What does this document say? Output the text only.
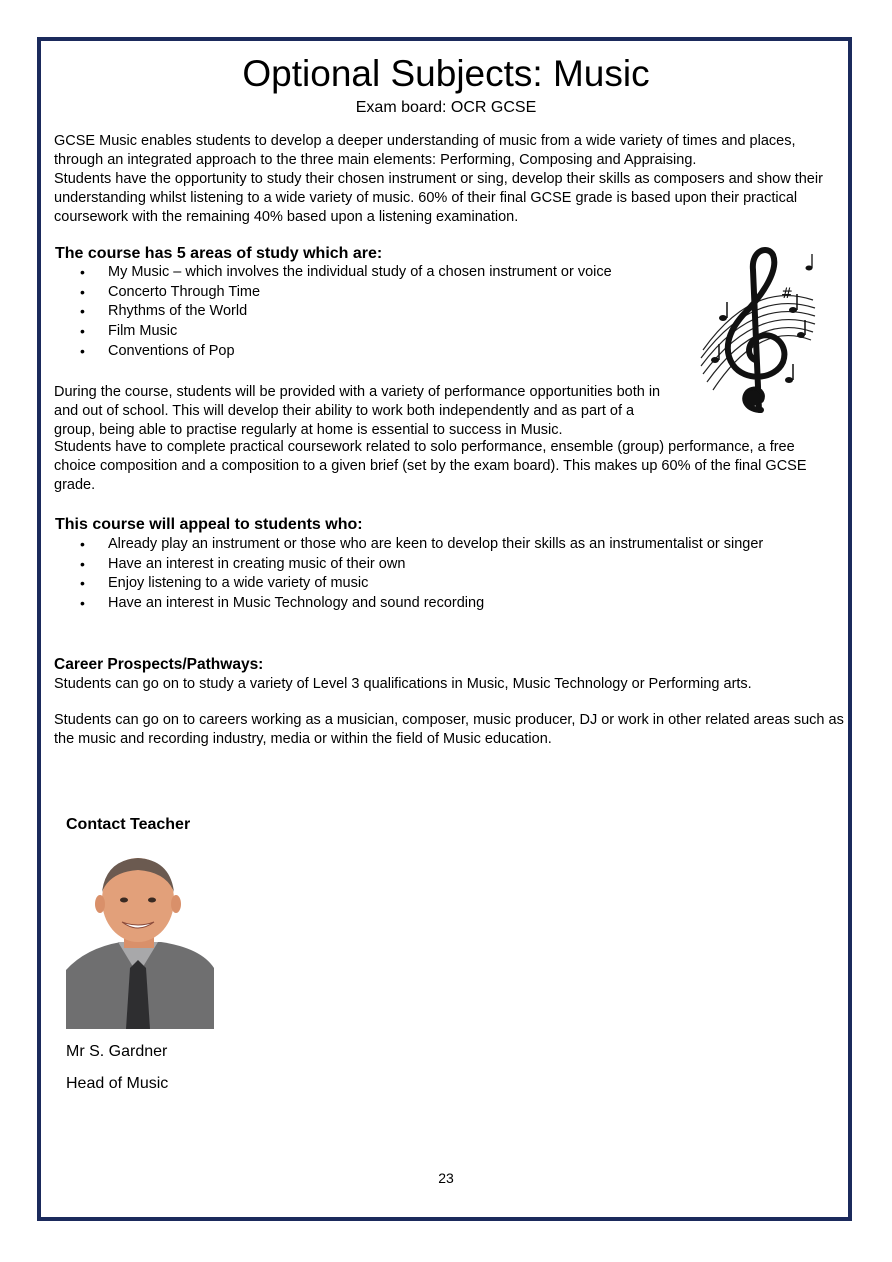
Optional Subjects: Music
Exam board: OCR GCSE
GCSE Music enables students to develop a deeper understanding of music from a wide variety of times and places, through an integrated approach to the three main elements: Performing, Composing and Appraising.
Students have the opportunity to study their chosen instrument or sing, develop their skills as composers and show their understanding whilst listening to a wide variety of music. 60% of their final GCSE grade is based upon their practical coursework with the remaining 40% based upon a listening examination.
The course has 5 areas of study which are:
• My Music – which involves the individual study of a chosen instrument or voice
• Concerto Through Time
• Rhythms of the World
• Film Music
• Conventions of Pop
#
During the course, students will be provided with a variety of performance opportunities both in and out of school. This will develop their ability to work both independently and as part of a group, being able to practise regularly at home is essential to success in Music.
Students have to complete practical coursework related to solo performance, ensemble (group) performance, a free choice composition and a composition to a given brief (set by the exam board). This makes up 60% of the final GCSE grade.
This course will appeal to students who:
• Already play an instrument or those who are keen to develop their skills as an instrumentalist or singer
• Have an interest in creating music of their own
• Enjoy listening to a wide variety of music
• Have an interest in Music Technology and sound recording
Career Prospects/Pathways:
Students can go on to study a variety of Level 3 qualifications in Music, Music Technology or Performing arts.
Students can go on to careers working as a musician, composer, music producer, DJ or work in other related areas such as the music and recording industry, media or within the field of Music education.
Contact Teacher
Mr S. Gardner
Head of Music
23
